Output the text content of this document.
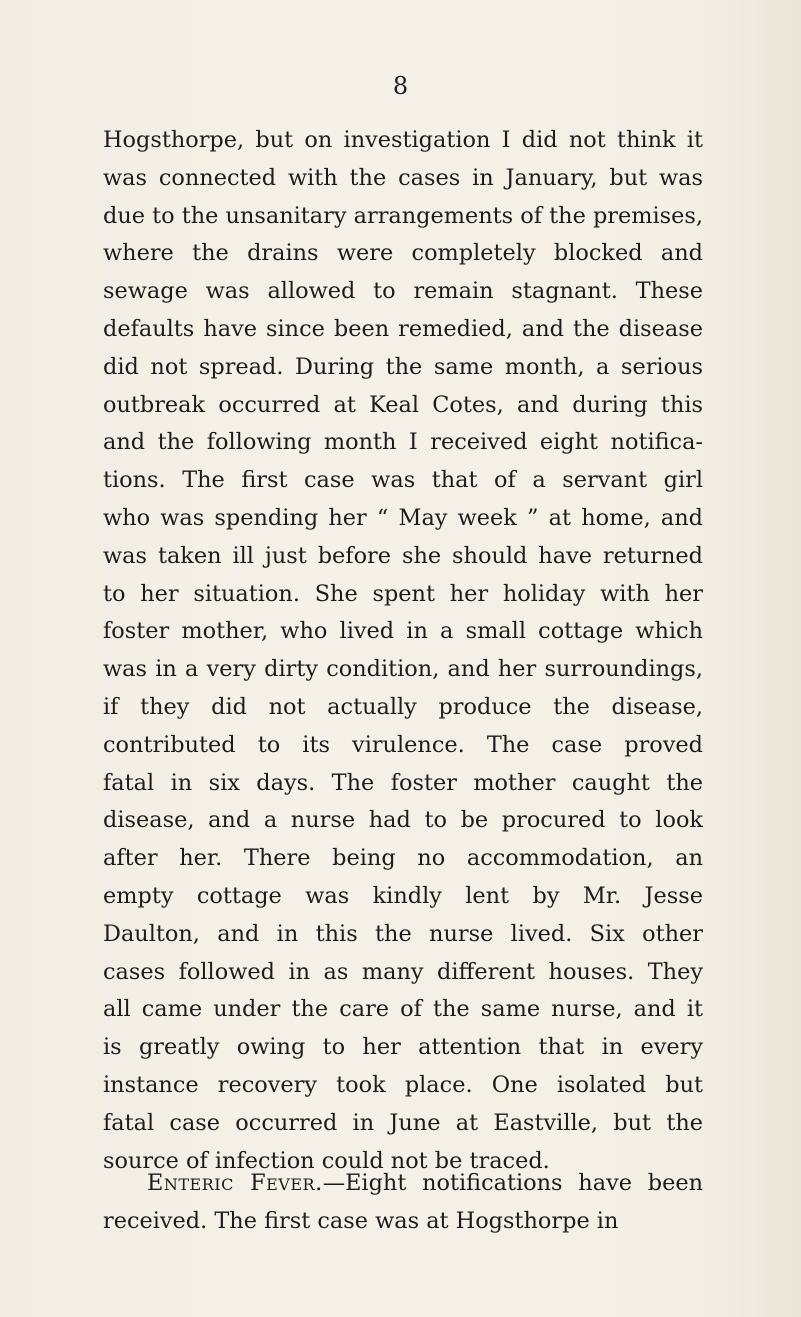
8
Hogsthorpe, but on investigation I did not think it
was connected with the cases in January, but was
due to the unsanitary arrangements of the premises,
where the drains were completely blocked and
sewage was allowed to remain stagnant. These
defaults have since been remedied, and the disease
did not spread. During the same month, a serious
outbreak occurred at Keal Cotes, and during this
and the following month I received eight notifica-
tions. The first case was that of a servant girl
who was spending her “ May week ” at home, and
was taken ill just before she should have returned
to her situation. She spent her holiday with her
foster mother, who lived in a small cottage which
was in a very dirty condition, and her surroundings,
if they did not actually produce the disease,
contributed to its virulence. The case proved
fatal in six days. The foster mother caught the
disease, and a nurse had to be procured to look
after her. There being no accommodation, an
empty cottage was kindly lent by Mr. Jesse
Daulton, and in this the nurse lived. Six other
cases followed in as many different houses. They
all came under the care of the same nurse, and it
is greatly owing to her attention that in every
instance recovery took place. One isolated but
fatal case occurred in June at Eastville, but the
source of infection could not be traced.
Enteric Fever.—Eight notifications have been
received. The first case was at Hogsthorpe in
